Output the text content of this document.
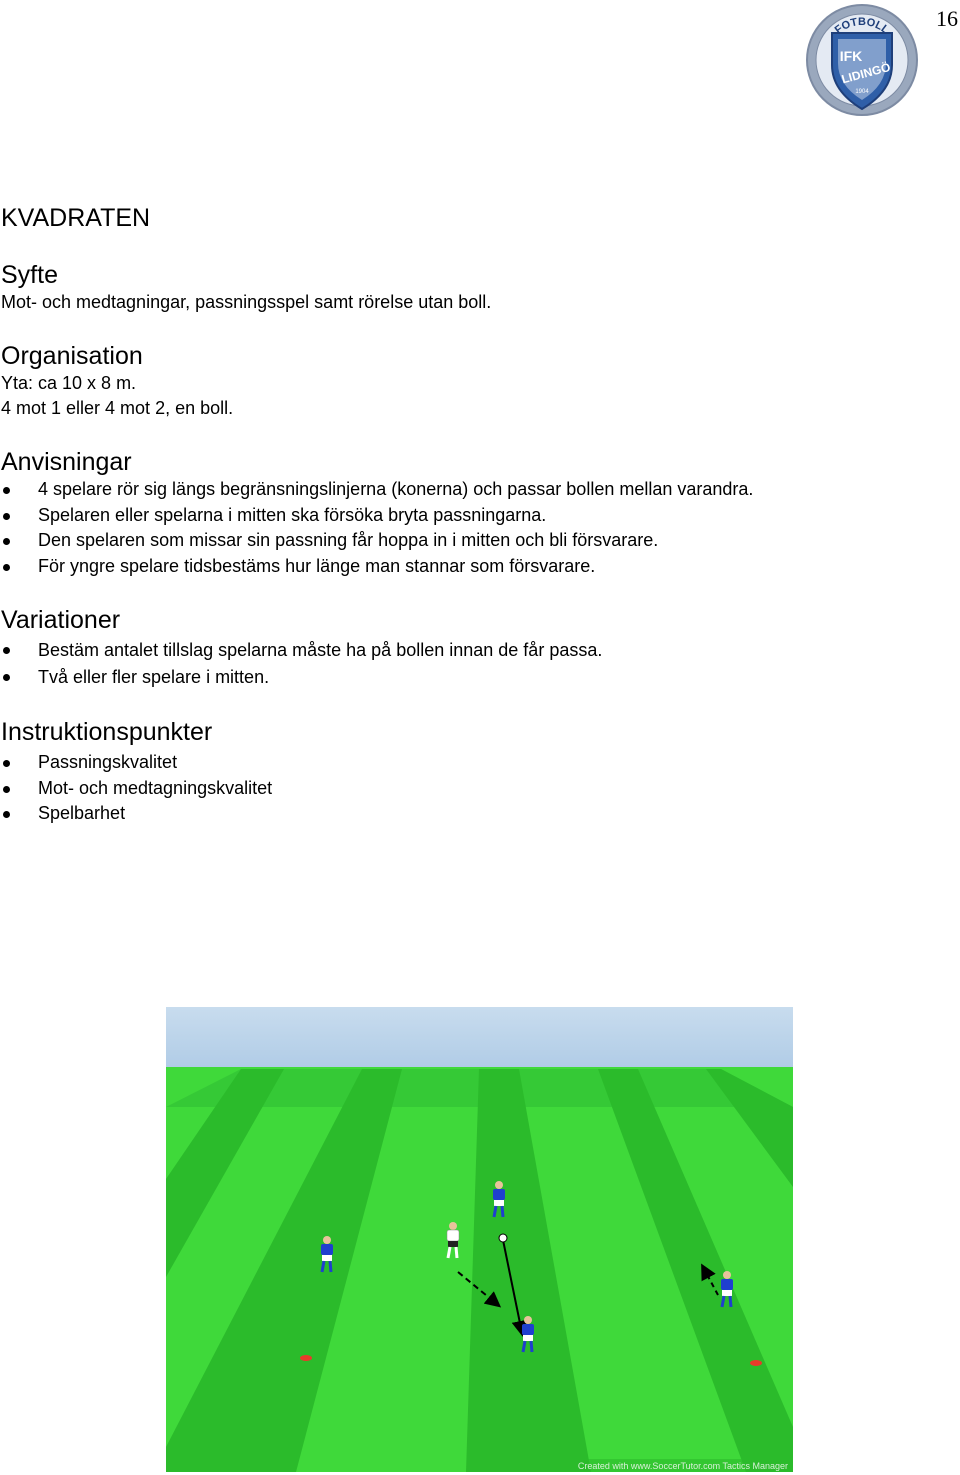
16
FOTBOLL
IFK
LIDINGÖ
1904
KVADRATEN
Syfte

Mot- och medtagningar, passningsspel samt rörelse utan boll.

Organisation

Yta: ca 10 x 8 m.

4 mot 1 eller 4 mot 2, en boll.

Anvisningar
4 spelare rör sig längs begränsningslinjerna (konerna) och passar bollen mellan varandra.
Spelaren eller spelarna i mitten ska försöka bryta passningarna.
Den spelaren som missar sin passning får hoppa in i mitten och bli försvarare.
För yngre spelare tidsbestäms hur länge man stannar som försvarare.
Variationer
Bestäm antalet tillslag spelarna måste ha på bollen innan de får passa.
Två eller fler spelare i mitten.
Instruktionspunkter
Passningskvalitet
Mot- och medtagningskvalitet
Spelbarhet
Created with www.SoccerTutor.com Tactics Manager
